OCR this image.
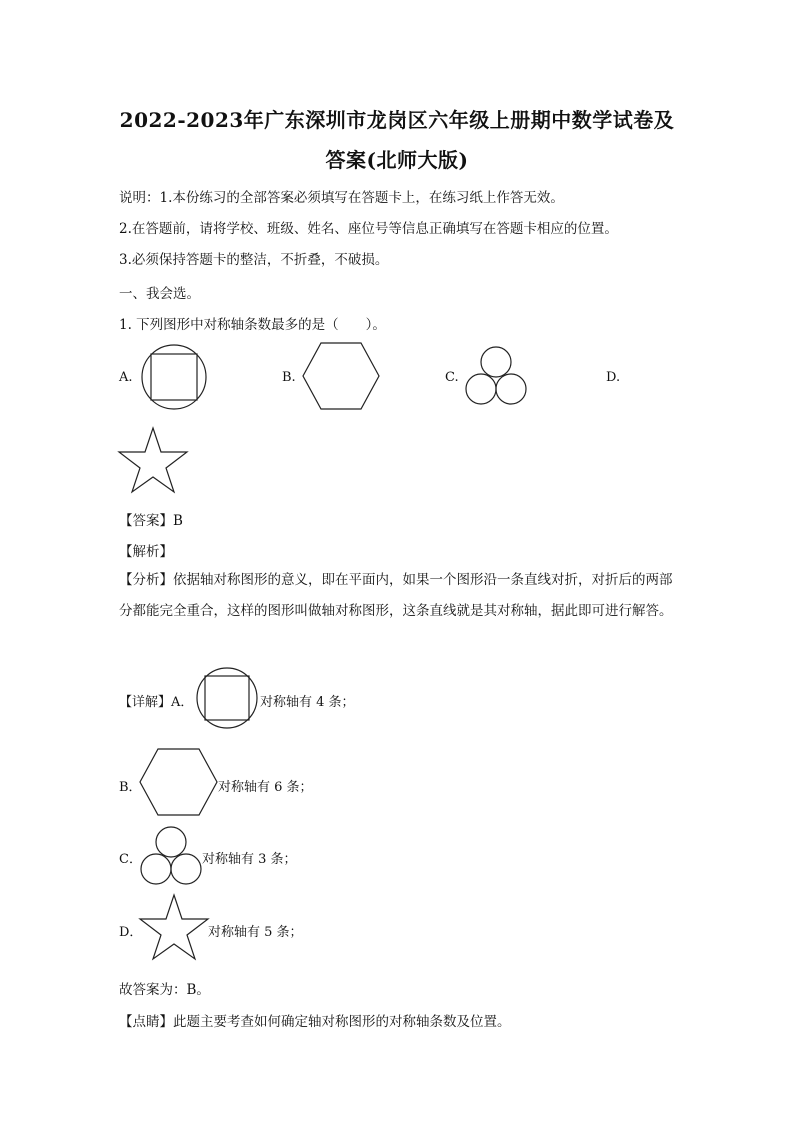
2022-2023年广东深圳市龙岗区六年级上册期中数学试卷及
答案(北师大版)
说明：1.本份练习的全部答案必须填写在答题卡上，在练习纸上作答无效。
2.在答题前，请将学校、班级、姓名、座位号等信息正确填写在答题卡相应的位置。
3.必须保持答题卡的整洁，不折叠，不破损。
一、我会选。
1. 下列图形中对称轴条数最多的是（　　）。
A.	B.	C.	D.
【答案】B
【解析】
【分析】依据轴对称图形的意义，即在平面内，如果一个图形沿一条直线对折，对折后的两部分都能完全重合，这样的图形叫做轴对称图形，这条直线就是其对称轴，据此即可进行解答。
【详解】A．	对称轴有 4 条；
B．	对称轴有 6 条；
C．	对称轴有 3 条；
D．	对称轴有 5 条；
故答案为：B。
【点睛】此题主要考查如何确定轴对称图形的对称轴条数及位置。
